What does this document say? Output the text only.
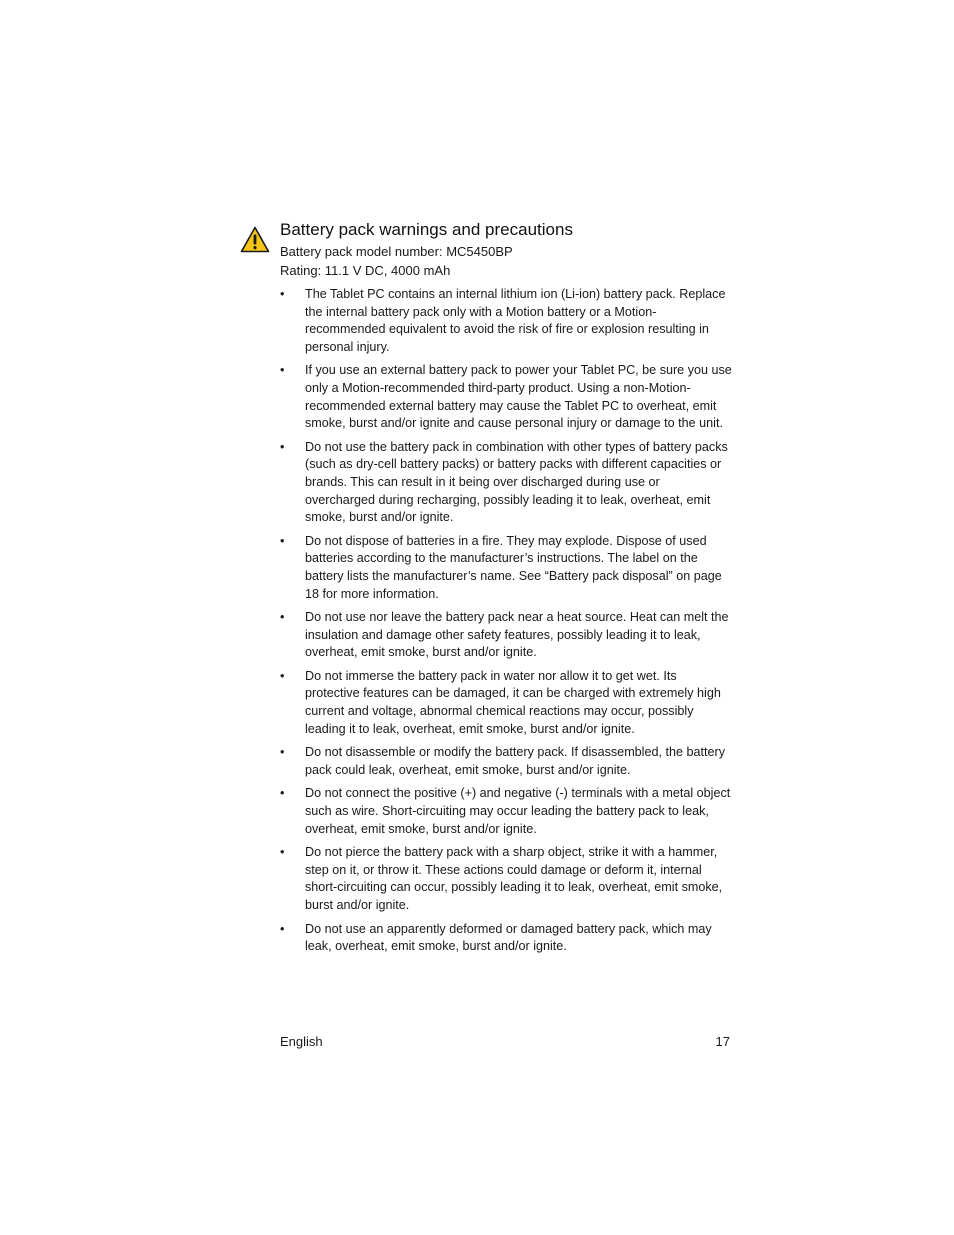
Battery pack warnings and precautions

Battery pack model number: MC5450BP

Rating: 11.1 V DC, 4000 mAh

• The Tablet PC contains an internal lithium ion (Li-ion) battery pack. Replace the internal battery pack only with a Motion battery or a Motion-recommended equivalent to avoid the risk of fire or explosion resulting in personal injury.
• If you use an external battery pack to power your Tablet PC, be sure you use only a Motion-recommended third-party product. Using a non-Motion-recommended external battery may cause the Tablet PC to overheat, emit smoke, burst and/or ignite and cause personal injury or damage to the unit.
• Do not use the battery pack in combination with other types of battery packs (such as dry-cell battery packs) or battery packs with different capacities or brands. This can result in it being over discharged during use or overcharged during recharging, possibly leading it to leak, overheat, emit smoke, burst and/or ignite.
• Do not dispose of batteries in a fire. They may explode. Dispose of used batteries according to the manufacturer’s instructions. The label on the battery lists the manufacturer’s name. See “Battery pack disposal” on page 18 for more information.
• Do not use nor leave the battery pack near a heat source. Heat can melt the insulation and damage other safety features, possibly leading it to leak, overheat, emit smoke, burst and/or ignite.
• Do not immerse the battery pack in water nor allow it to get wet. Its protective features can be damaged, it can be charged with extremely high current and voltage, abnormal chemical reactions may occur, possibly leading it to leak, overheat, emit smoke, burst and/or ignite.
• Do not disassemble or modify the battery pack. If disassembled, the battery pack could leak, overheat, emit smoke, burst and/or ignite.
• Do not connect the positive (+) and negative (-) terminals with a metal object such as wire. Short-circuiting may occur leading the battery pack to leak, overheat, emit smoke, burst and/or ignite.
• Do not pierce the battery pack with a sharp object, strike it with a hammer, step on it, or throw it. These actions could damage or deform it, internal short-circuiting can occur, possibly leading it to leak, overheat, emit smoke, burst and/or ignite.
• Do not use an apparently deformed or damaged battery pack, which may leak, overheat, emit smoke, burst and/or ignite.
English	17
